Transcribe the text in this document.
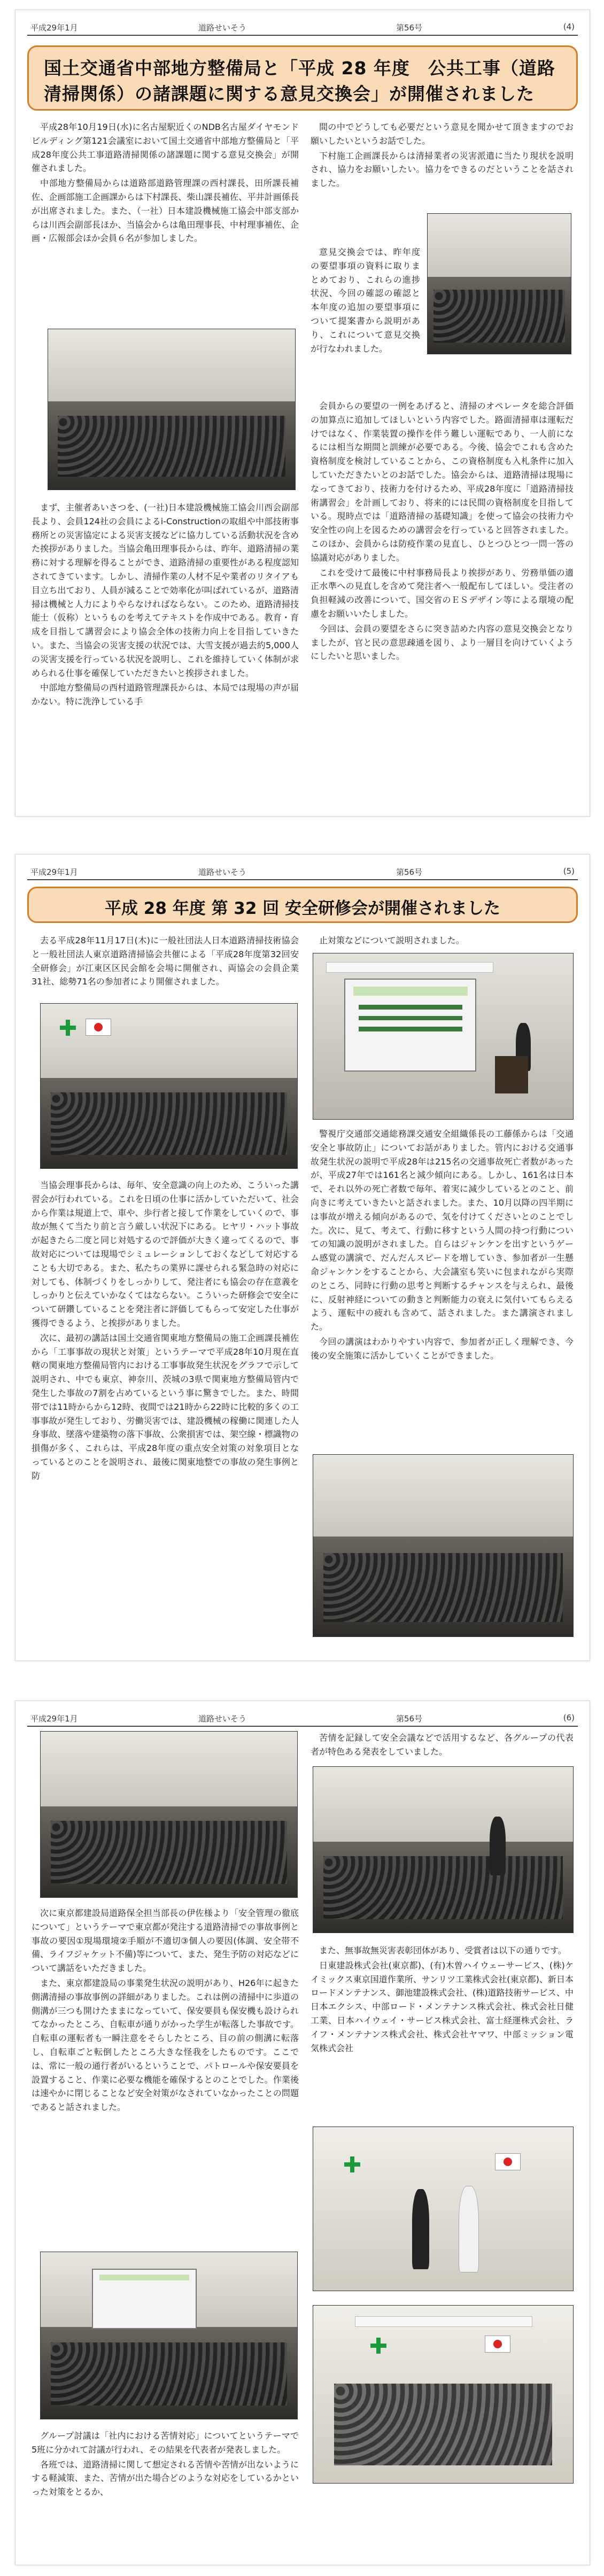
平成29年1月	道路せいそう	第56号	(4)
国土交通省中部地方整備局と「平成 28 年度　公共工事（道路
清掃関係）の諸課題に関する意見交換会」が開催されました

平成28年10月19日(水)に名古屋駅近くのNDB名古屋ダイヤモンドビルディング第121会議室において国土交通省中部地方整備局と「平成28年度公共工事道路清掃関係の諸課題に関する意見交換会」が開催されました。

中部地方整備局からは道路部道路管理課の西村課長、田所課長補佐、企画部施工企画課からは下村課長、柴山課長補佐、平井計画係長が出席されました。また、（一社）日本建設機械施工協会中部支部からは川西会副部長ほか、当協会からは亀田理事長、中村理事補佐、企画・広報部会ほか会員６名が参加しました。

まず、主催者あいさつを、(一社)日本建設機械施工協会川西会副部長より、会員124社の会員によるi-Constructionの取組や中部技術事務所との災害協定による災害支援などに協力している活動状況を含めた挨拶がありました。当協会亀田理事長からは、昨年、道路清掃の業務に対する理解を得ることができ、道路清掃の重要性がある程度認知されてきています。しかし、清掃作業の人材不足や業者のリタイアも目立ち出ており、人員が減ることで効率化が叫ばれているが、道路清掃は機械と人力によりやらなければならない。このため、道路清掃技能士（仮称）というものを考えてテキストを作成中である。教育・育成を目指して講習会により協会全体の技術力向上を目指していきたい。また、当協会の災害支援の状況では、大雪支援が過去約5,000人の災害支援を行っている状況を説明し、これを維持していく体制が求められる仕事を確保していただきたいと挨拶されました。

中部地方整備局の西村道路管理課長からは、本局では現場の声が届かない。特に洗浄している手

間の中でどうしても必要だという意見を聞かせて頂きますのでお願いしたいというお話でした。

下村施工企画課長からは清掃業者の災害派遣に当たり現状を説明され、協力をお願いしたい。協力をできるのだということを話されました。

意見交換会では、昨年度の要望事項の資料に取りまとめており、これらの進捗状況、今回の確認の確認と本年度の追加の要望事項について提案書から説明があり、これについて意見交換が行なわれました。

会員からの要望の一例をあげると、清掃のオペレータを総合評価の加算点に追加してほしいという内容でした。路面清掃車は運転だけではなく、作業装置の操作を伴う難しい運転であり、一人前になるには相当な期間と訓練が必要である。今後、協会でこれも含めた資格制度を検討していることから、この資格制度も入札条件に加入していただきたいとのお話でした。協会からは、道路清掃は現場になってきており、技術力を付けるため、平成28年度に「道路清掃技術講習会」を計画しており、将来的には民間の資格制度を目指している。現時点では「道路清掃の基礎知識」を使って協会の技術力や安全性の向上を図るための講習会を行っていると回答されました。このほか、会員からは防疫作業の見直し、ひとつひとつ一問一答の協議対応がありました。

これを受けて最後に中村事務局長より挨拶があり、労務単価の適正水準への見直しを含めて発注者へ一般配布してほしい。受注者の負担軽減の改善について、国交省のＥＳデザイン等による環境の配慮をお願いいたしました。

今回は、会員の要望をさらに突き詰めた内容の意見交換会となりましたが、官と民の意思疎通を図り、より一層目を向けていくようにしたいと思いました。

平成29年1月	道路せいそう	第56号	(5)
平成 28 年度 第 32 回 安全研修会が開催されました

去る平成28年11月17日(木)に一般社団法人日本道路清掃技術協会と一般社団法人東京道路清掃協会共催による「平成28年度第32回安全研修会」が江東区区民会館を会場に開催され、両協会の会員企業31社、総勢71名の参加者により開催されました。

当協会理事長からは、毎年、安全意識の向上のため、こういった講習会が行われている。これを日頃の仕事に活かしていただいて、社会から作業は規道上で、車や、歩行者と接して作業をしていくので、事故が無くて当たり前と言う厳しい状況下にある。ヒヤリ・ハット事故が起きたら二度と同じ対処するので評価が大きく違ってくるので、事故対応については現場でシミュレーションしておくなどして対応することも大切である。また、私たちの業界に課せられる緊急時の対応に対しても、体制づくりをしっかりして、発注者にも協会の存在意義をしっかりと伝えていかなくてはならない。こういった研修会で安全について研鑽していることを発注者に評価してもらって安定した仕事が獲得できるよう、と挨拶がありました。

次に、最初の講話は国土交通省関東地方整備局の施工企画課長補佐から「工事事故の現状と対策」というテーマで平成28年10月現在直轄の関東地方整備局管内における工事事故発生状況をグラフで示して説明され、中でも東京、神奈川、茨城の3県で関東地方整備局管内で発生した事故の7割を占めているという事に驚きでした。また、時間帯では11時からから12時、夜間では21時から22時に比較的多くの工事事故が発生しており、労働災害では、建設機械の稼働に関連した人身事故、墜落や建築物の落下事故、公衆損害では、架空線・標識物の損傷が多く、これらは、平成28年度の重点安全対策の対象項目となっているとのことを説明され、最後に関東地整での事故の発生事例と防

止対策などについて説明されました。

警視庁交通部交通総務課交通安全組織係長の工藤係からは「交通安全と事故防止」についてお話がありました。管内における交通事故発生状況の説明で平成28年は215名の交通事故死亡者数があったが、平成27年では161名と減少傾向にある。しかし、161名は日本で、それ以外の死亡者数で毎年、着実に減少しているとのこと、前向きに考えていきたいと話されました。また、10月以降の四半期には事故が増える傾向があるので、気を付けてくださいとのことでした。次に、見て、考えて、行動に移すという人間の持つ行動についての知識の説明がされました。自らはジャンケンを出すというゲーム感覚の講演で、だんだんスピードを増していき、参加者が一生懸命ジャンケンをすることから、大会議室も笑いに包まれながら実際のところ、同時に行動の思考と判断するチャンスを与えられ、最後に、反射神経についての動きと判断能力の衰えに気付いてもらえるよう、運転中の疲れも含めて、話されました。また講演されました。

今回の講演はわかりやすい内容で、参加者が正しく理解でき、今後の安全施策に活かしていくことができました。

平成29年1月	道路せいそう	第56号	(6)

次に東京都建設局道路保全担当部長の伊佐様より「安全管理の徹底について」というテーマで東京都が発注する道路清掃での事故事例と事故の要因①現場環境②手順が不適切③個人の要因(体調、安全帯不備、ライフジャケット不備)等について、また、発生予防の対応などについて講話をいただきました。

また、東京都建設局の事業発生状況の説明があり、H26年に起きた側溝清掃の事故事例の詳細がありました。これは例の清掃中に歩道の側溝が三つも開けたままになっていて、保安要員も保安機も設けられてなかったところ、自転車が通りがかった学生が転落した事故です。自転車の運転者も一瞬注意をそらしたところ、目の前の側溝に転落し、自転車ごと転倒したところ大きな怪我をしたものです。ここでは、常に一般の通行者がいるということで、パトロールや保安要員を設置すること、作業に必要な機能を確保するとのことでした。作業後は速やかに閉じることなど安全対策がなされていなかったことの問題であると話されました。

グループ討議は「社内における苦情対応」についてというテーマで5班に分かれて討議が行われ、その結果を代表者が発表しました。

各班では、道路清掃に関して想定される苦情や苦情が出ないようにする軽減策、また、苦情が出た場合どのような対応をしているかといった対策をとるか、

苦情を記録して安全会議などで活用するなど、各グループの代表者が特色ある発表をしていました。

また、無事故無災害表彰団体があり、受賞者は以下の通りです。

日東建設株式会社(東京都)、(有)木曽ハイウェーサービス、(株)ケイミックス東京国道作業所、サンリツ工業株式会社(東京都)、新日本ロードメンテナンス、御池建設株式会社、(株)道路技術サービス、中日本エクシス、中部ロード・メンテナンス株式会社、株式会社日健工業、日本ハイウェイ・サービス株式会社、富士経運株式会社、ライフ・メンテナンス株式会社、株式会社ヤマワ、中部ミッション電気株式会社
